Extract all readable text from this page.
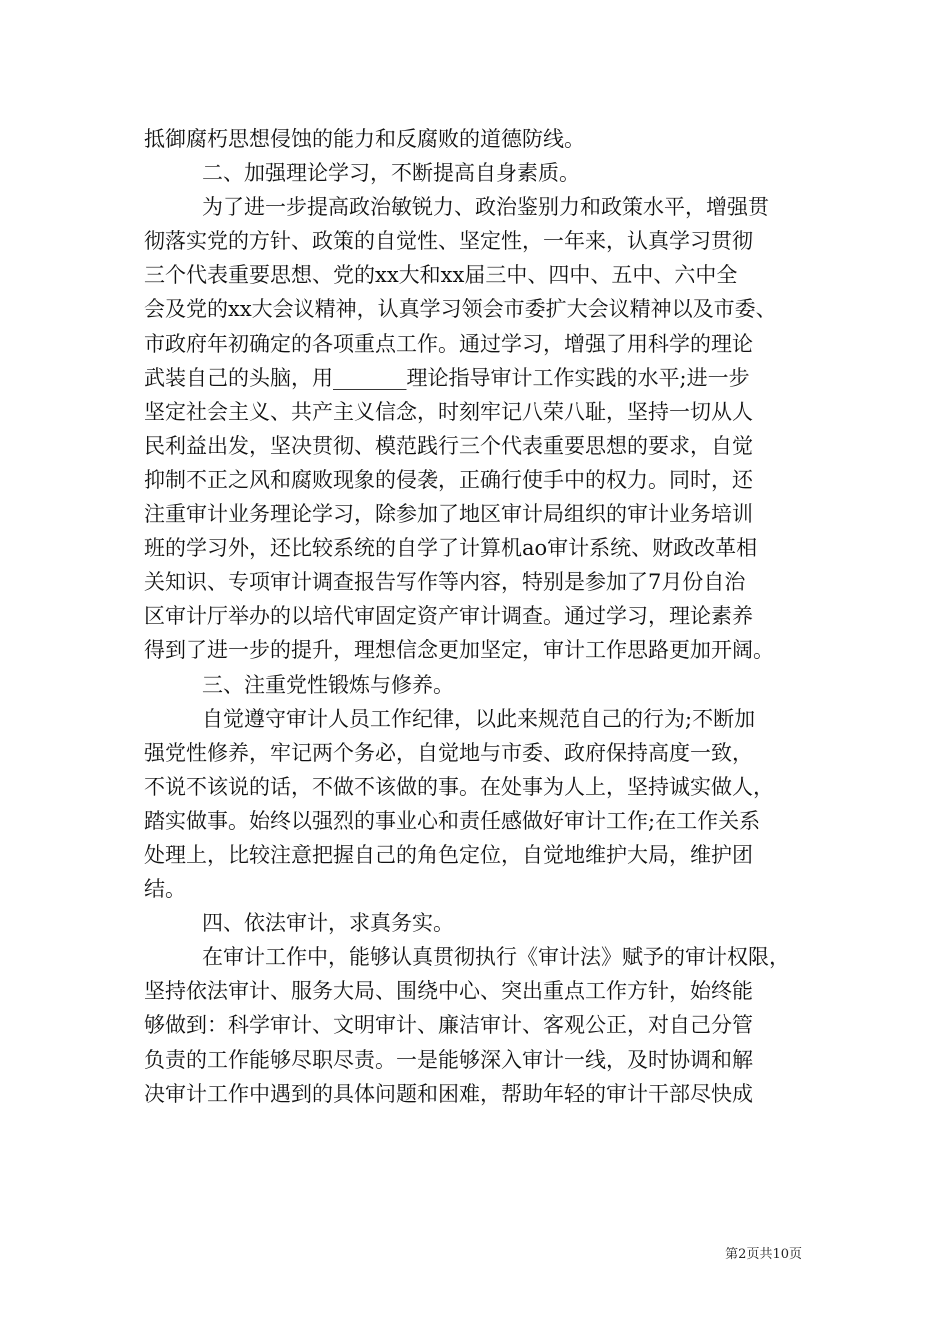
抵御腐朽思想侵蚀的能力和反腐败的道德防线。
二、加强理论学习，不断提高自身素质。
为了进一步提高政治敏锐力、政治鉴别力和政策水平，增强贯
彻落实党的方针、政策的自觉性、坚定性，一年来，认真学习贯彻
三个代表重要思想、党的xx大和xx届三中、四中、五中、六中全
会及党的xx大会议精神，认真学习领会市委扩大会议精神以及市委、
市政府年初确定的各项重点工作。通过学习，增强了用科学的理论
武装自己的头脑，用_______理论指导审计工作实践的水平;进一步
坚定社会主义、共产主义信念，时刻牢记八荣八耻，坚持一切从人
民利益出发，坚决贯彻、模范践行三个代表重要思想的要求，自觉
抑制不正之风和腐败现象的侵袭，正确行使手中的权力。同时，还
注重审计业务理论学习，除参加了地区审计局组织的审计业务培训
班的学习外，还比较系统的自学了计算机ao审计系统、财政改革相
关知识、专项审计调查报告写作等内容，特别是参加了7月份自治
区审计厅举办的以培代审固定资产审计调查。通过学习，理论素养
得到了进一步的提升，理想信念更加坚定，审计工作思路更加开阔。
三、注重党性锻炼与修养。
自觉遵守审计人员工作纪律，以此来规范自己的行为;不断加
强党性修养，牢记两个务必，自觉地与市委、政府保持高度一致，
不说不该说的话，不做不该做的事。在处事为人上，坚持诚实做人，
踏实做事。始终以强烈的事业心和责任感做好审计工作;在工作关系
处理上，比较注意把握自己的角色定位，自觉地维护大局，维护团
结。
四、依法审计，求真务实。
在审计工作中，能够认真贯彻执行《审计法》赋予的审计权限，
坚持依法审计、服务大局、围绕中心、突出重点工作方针，始终能
够做到：科学审计、文明审计、廉洁审计、客观公正，对自己分管
负责的工作能够尽职尽责。一是能够深入审计一线，及时协调和解
决审计工作中遇到的具体问题和困难，帮助年轻的审计干部尽快成
第2页共10页
